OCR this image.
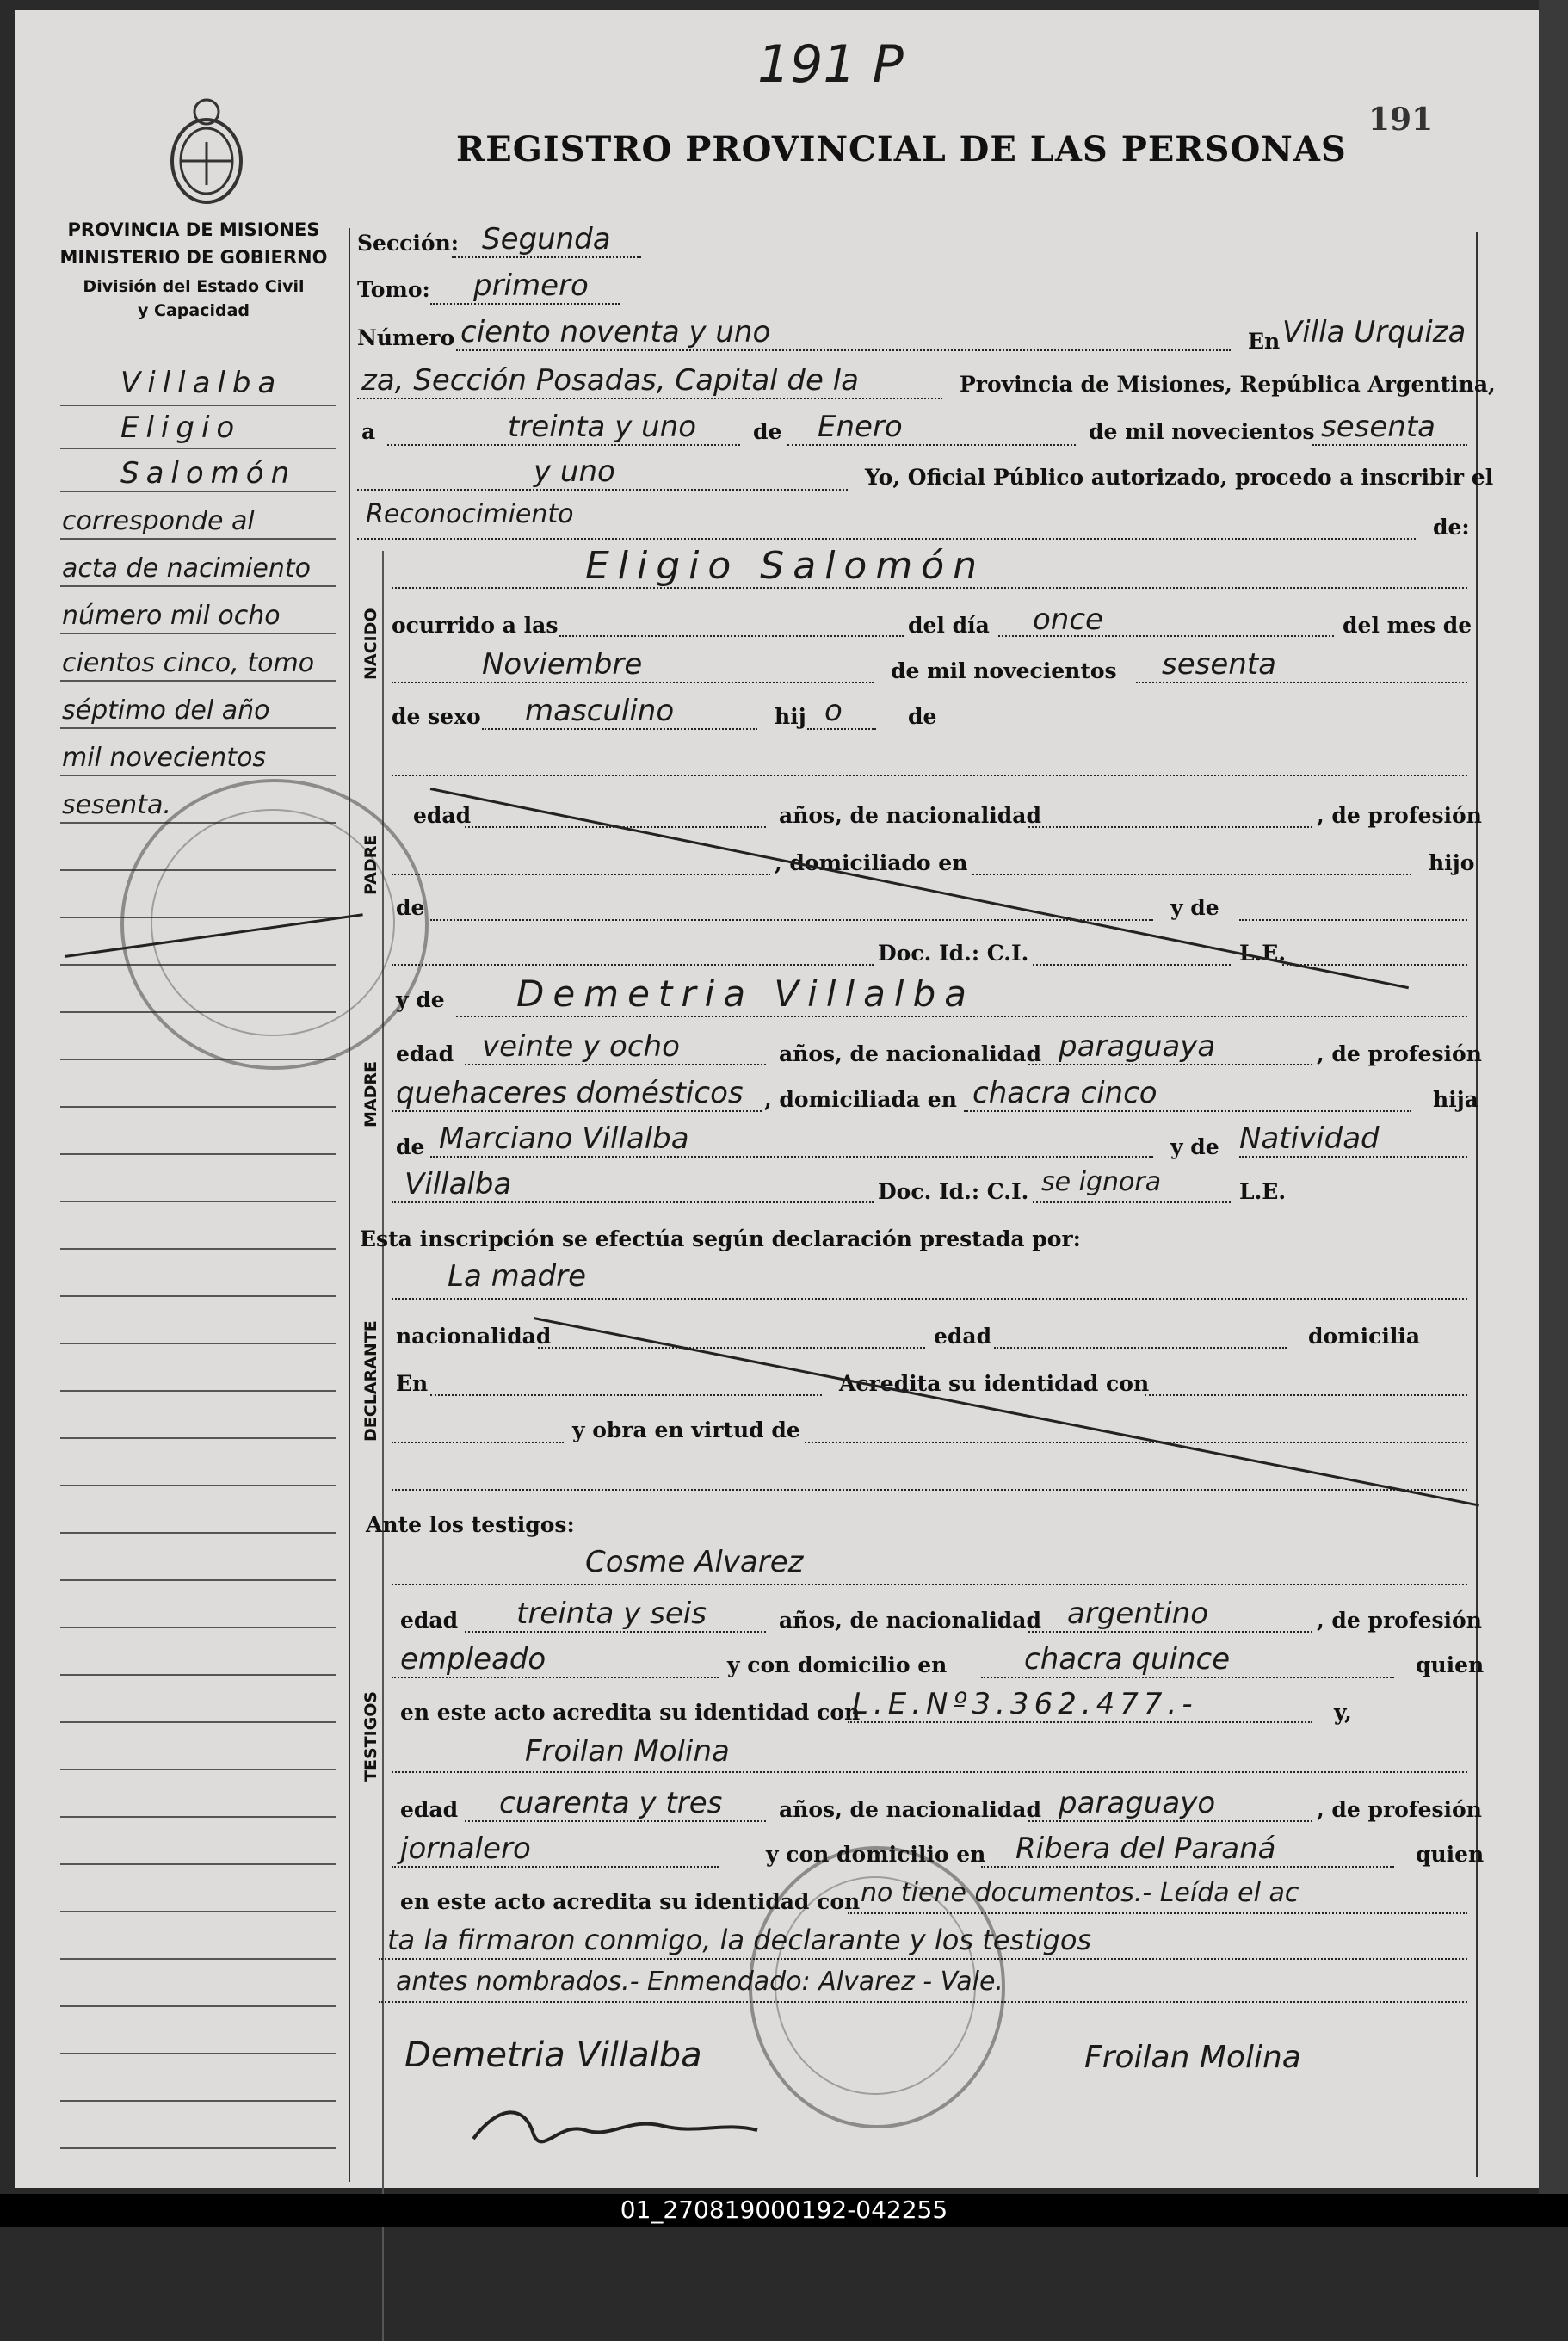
191 P
191
REGISTRO PROVINCIAL DE LAS PERSONAS
PROVINCIA DE MISIONES
MINISTERIO DE GOBIERNO
División del Estado Civil
y Capacidad
Villalba
Eligio
Salomón
corresponde al
acta de nacimiento
número mil ocho
cientos cinco, tomo
séptimo del año
mil novecientos
sesenta.
Sección: Segunda
Tomo: primero
Número ciento noventa y uno	En Villa Urquiza
za, Sección Posadas, Capital de la	Provincia de Misiones, República Argentina,
a	treinta y uno	de Enero	de mil novecientos sesenta
y uno	Yo, Oficial Público autorizado, procedo a inscribir el
Reconocimiento	de:
NACIDO
Eligio Salomón
ocurrido a las	del día once	del mes de
Noviembre	de mil novecientos sesenta
de sexo masculino	hij o	de
PADRE
edad	años, de nacionalidad	, de profesión
, domiciliado en	hijo
de	y de
Doc. Id.: C.I.	L.E.
MADRE
y de Demetria Villalba
edad veinte y ocho	años, de nacionalidad paraguaya	, de profesión
quehaceres domésticos , domiciliada en chacra cinco	hija
de Marciano Villalba	y de Natividad
Villalba	Doc. Id.: C.I. se ignora	L.E.
Esta inscripción se efectúa según declaración prestada por:
DECLARANTE
La madre
nacionalidad	edad	domicilia
En	Acredita su identidad con
y obra en virtud de
Ante los testigos:
TESTIGOS
Cosme Alvarez
edad treinta y seis	años, de nacionalidad argentino	, de profesión
empleado	y con domicilio en	chacra quince	quien
en este acto acredita su identidad con
L.E.Nº3.362.477.-	y,
Froilan Molina
edad cuarenta y tres	años, de nacionalidad paraguayo	, de profesión
jornalero	y con domicilio en Ribera del Paraná	quien
en este acto acredita su identidad con no tiene documentos.- Leída el ac
ta la firmaron conmigo, la declarante y los testigos
antes nombrados.- Enmendado: Alvarez - Vale.
Demetria Villalba	Froilan Molina
01_270819000192-042255
